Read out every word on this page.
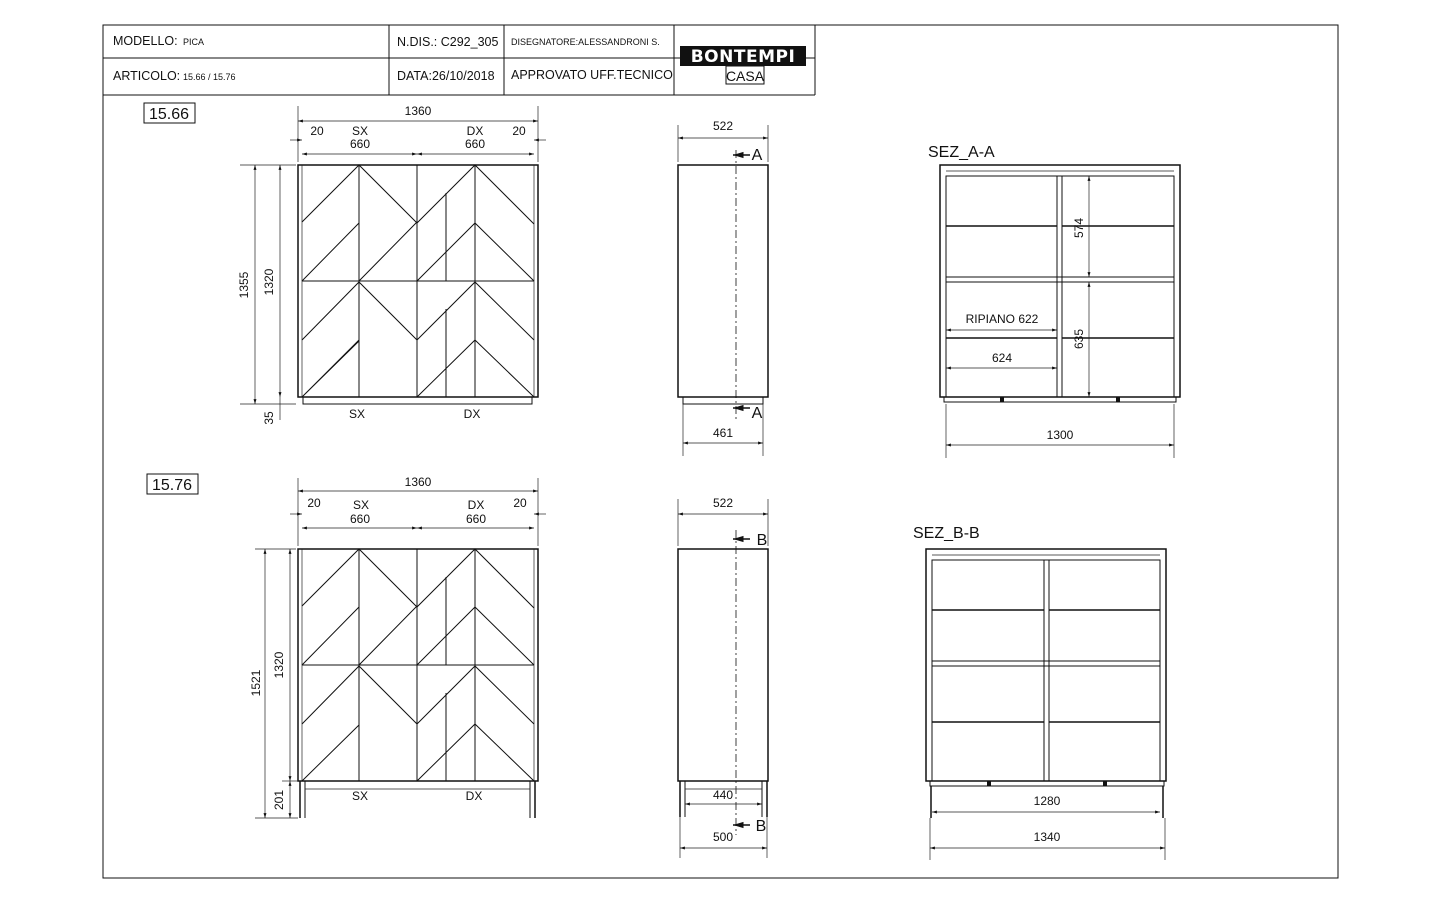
MODELLO: PICA	N.DIS.: C292_305 DISEGNATORE:ALESSANDRONI S.
ARTICOLO: 15.66 / 15.76	DATA:26/10/2018 APPROVATO UFF.TECNICO
BONTEMPI
CASA
15.66
15.76
1360
20	20
SX
660
DX
660
1355 1320
35	SX	DX
522
A
A
461
SEZ_A-A
574
635
RIPIANO 622
624
1300
1360
20	20
SX
660
DX
660
1521
1320
201	SX	DX
522
B
440
B
500
SEZ_B-B
1280
1340
